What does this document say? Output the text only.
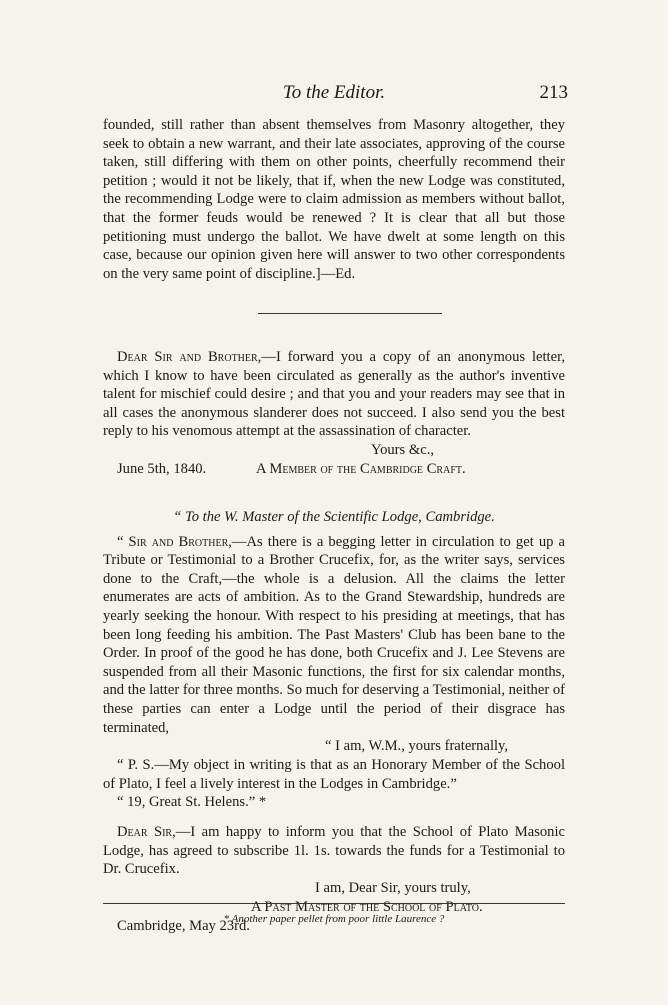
To the Editor.	213
founded, still rather than absent themselves from Masonry altogether, they seek to obtain a new warrant, and their late associates, approving of the course taken, still differing with them on other points, cheerfully recommend their petition ; would it not be likely, that if, when the new Lodge was constituted, the recommending Lodge were to claim admission as members without ballot, that the former feuds would be renewed ? It is clear that all but those petitioning must undergo the ballot. We have dwelt at some length on this case, because our opinion given here will answer to two other correspondents on the very same point of discipline.]—Ed.
Dear Sir and Brother,—I forward you a copy of an anonymous letter, which I know to have been circulated as generally as the author's inventive talent for mischief could desire ; and that you and your readers may see that in all cases the anonymous slanderer does not succeed. I also send you the best reply to his venomous attempt at the assassination of character.
Yours &c.,
June 5th, 1840.	A Member of the Cambridge Craft.
“ To the W. Master of the Scientific Lodge, Cambridge.
“ Sir and Brother,—As there is a begging letter in circulation to get up a Tribute or Testimonial to a Brother Crucefix, for, as the writer says, services done to the Craft,—the whole is a delusion. All the claims the letter enumerates are acts of ambition. As to the Grand Stewardship, hundreds are yearly seeking the honour. With respect to his presiding at meetings, that has been long feeding his ambition. The Past Masters' Club has been bane to the Order. In proof of the good he has done, both Crucefix and J. Lee Stevens are suspended from all their Masonic functions, the first for six calendar months, and the latter for three months. So much for deserving a Testimonial, neither of these parties can enter a Lodge until the period of their disgrace has terminated,
“ I am, W.M., yours fraternally,
“ P. S.—My object in writing is that as an Honorary Member of the School of Plato, I feel a lively interest in the Lodges in Cambridge.”
“ 19, Great St. Helens.” *
Dear Sir,—I am happy to inform you that the School of Plato Masonic Lodge, has agreed to subscribe 1l. 1s. towards the funds for a Testimonial to Dr. Crucefix.
I am, Dear Sir, yours truly,
A Past Master of the School of Plato.
Cambridge, May 23rd.
* Another paper pellet from poor little Laurence ?
